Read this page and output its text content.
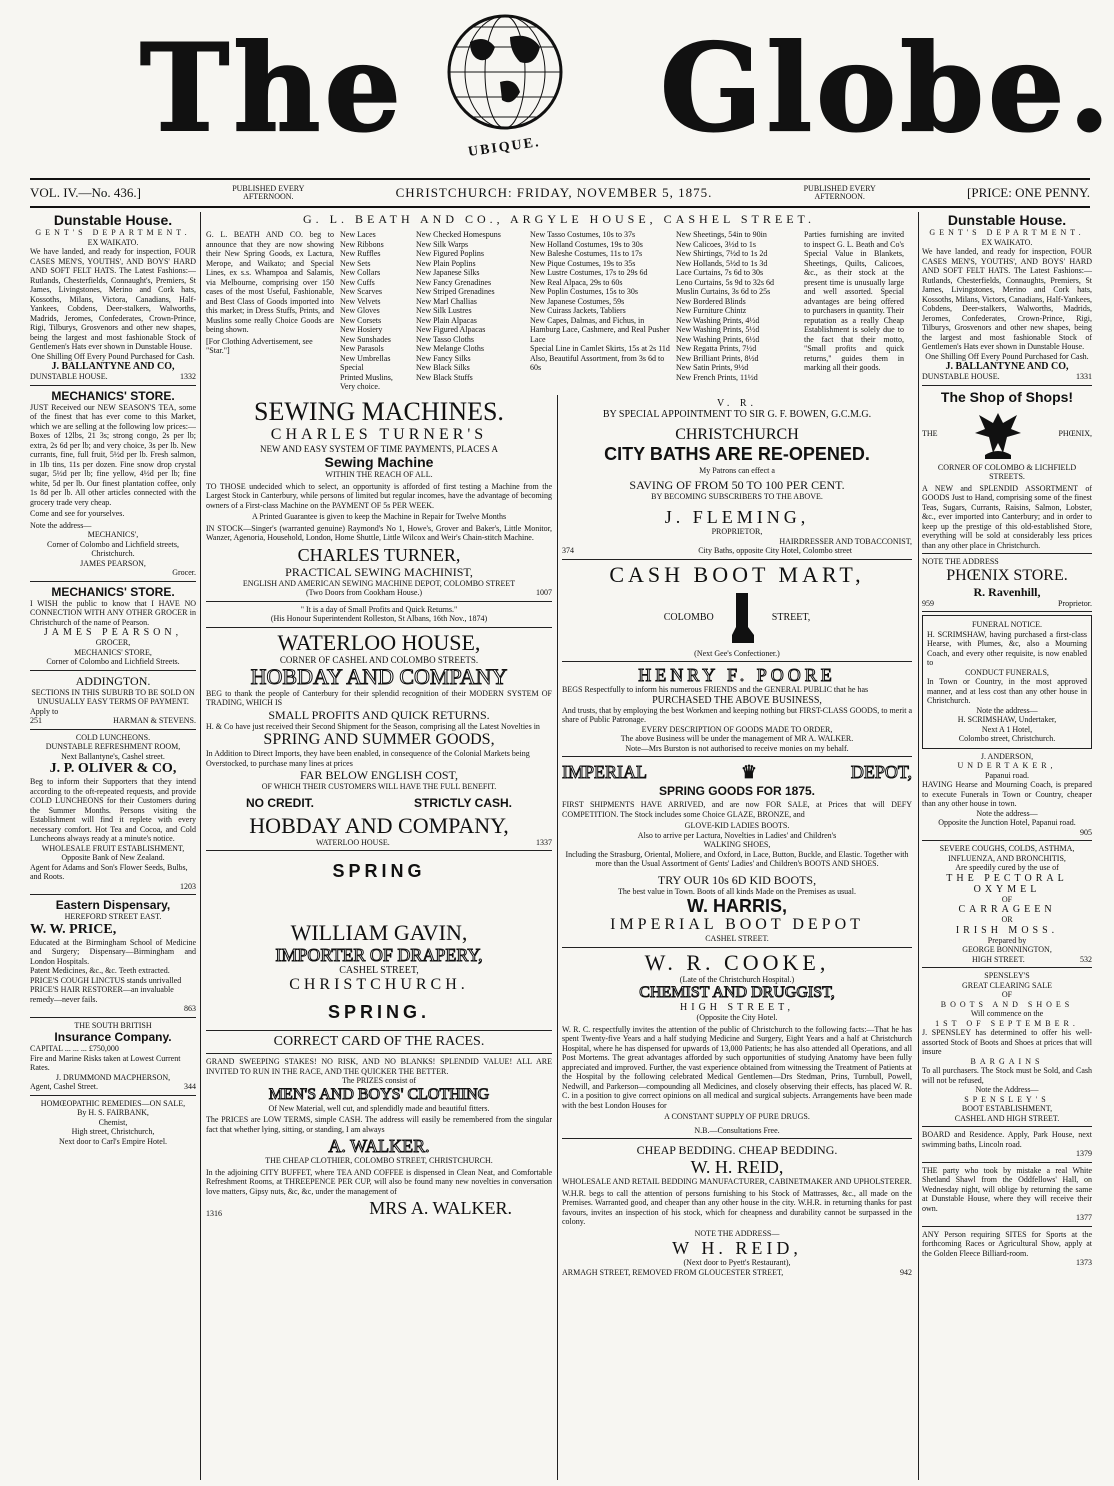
The	UBIQUE. Globe.
VOL. IV.—No. 436.]	PUBLISHED EVERY AFTERNOON.	CHRISTCHURCH: FRIDAY, NOVEMBER 5, 1875.	PUBLISHED EVERY AFTERNOON.	[PRICE: ONE PENNY.
Dunstable House.
GENT'S DEPARTMENT.
EX WAIKATO.
We have landed, and ready for inspection, FOUR CASES MEN'S, YOUTHS', AND BOYS' HARD AND SOFT FELT HATS. The Latest Fashions:— Rutlands, Chesterfields, Connaught's, Premiers, St James, Livingstones, Merino and Cork hats, Kossoths, Milans, Victora, Canadians, Half-Yankees, Cobdens, Deer-stalkers, Walworths, Madrids, Jeromes, Confederates, Crown-Prince, Rigi, Tilburys, Grosvenors and other new shapes, being the largest and most fashionable Stock of Gentlemen's Hats ever shown in Dunstable House.
One Shilling Off Every Pound Purchased for Cash.
J. BALLANTYNE AND CO,
DUNSTABLE HOUSE.	1332
MECHANICS' STORE.
JUST Received our NEW SEASON'S TEA, some of the finest that has ever come to this Market, which we are selling at the following low prices:— Boxes of 12lbs, 21 3s; strong congo, 2s per lb; extra, 2s 6d per lb; and very choice, 3s per lb. New currants, fine, full fruit, 5½d per lb. Fresh salmon, in 1lb tins, 11s per dozen. Fine snow drop crystal sugar, 5½d per lb; fine yellow, 4½d per lb; fine white, 5d per lb. Our finest plantation coffee, only 1s 8d per lb. All other articles connected with the grocery trade very cheap.
Come and see for yourselves.
Note the address—
MECHANICS',
Corner of Colombo and Lichfield streets, Christchurch.
JAMES PEARSON,
Grocer.
MECHANICS' STORE.
I WISH the public to know that I HAVE NO CONNECTION WITH ANY OTHER GROCER in Christchurch of the name of Pearson.
JAMES PEARSON,
GROCER,
MECHANICS' STORE,
Corner of Colombo and Lichfield Streets.
ADDINGTON.
SECTIONS IN THIS SUBURB TO BE SOLD ON UNUSUALLY EASY TERMS OF PAYMENT.
Apply to
251	HARMAN & STEVENS.
COLD LUNCHEONS.
DUNSTABLE REFRESHMENT ROOM,
Next Ballantyne's, Cashel street.
J. P. OLIVER & CO,
Beg to inform their Supporters that they intend according to the oft-repeated requests, and provide COLD LUNCHEONS for their Customers during the Summer Months. Persons visiting the Establishment will find it replete with every necessary comfort. Hot Tea and Cocoa, and Cold Luncheons always ready at a minute's notice.
WHOLESALE FRUIT ESTABLISHMENT,
Opposite Bank of New Zealand.
Agent for Adams and Son's Flower Seeds, Bulbs, and Roots.
1203
Eastern Dispensary,
HEREFORD STREET EAST.
W. W. PRICE,
Educated at the Birmingham School of Medicine and Surgery; Dispensary—Birmingham and London Hospitals.
Patent Medicines, &c., &c. Teeth extracted.
PRICE'S COUGH LINCTUS stands unrivalled
PRICE'S HAIR RESTORER—an invaluable remedy—never fails.
863
THE SOUTH BRITISH
Insurance Company.
CAPITAL ... ... ... £750,000
Fire and Marine Risks taken at Lowest Current Rates.
J. DRUMMOND MACPHERSON,
Agent, Cashel Street.	344
HOMŒOPATHIC REMEDIES—ON SALE,
By H. S. FAIRBANK,
Chemist,
High street, Christchurch,
Next door to Carl's Empire Hotel.
G. L. BEATH AND CO., ARGYLE HOUSE, CASHEL STREET.
G. L. BEATH AND CO. beg to announce that they are now showing their New Spring Goods, ex Lactura, Merope, and Waikato; and Special Lines, ex s.s. Whampoa and Salamis, via Melbourne, comprising over 150 cases of the most Useful, Fashionable, and Best Class of Goods imported into this market; in Dress Stuffs, Prints, and Muslins some really Choice Goods are being shown.
[For Clothing Advertisement, see "Star."]
New Laces
New Ribbons
New Ruffles
New Sets
New Collars
New Cuffs
New Scarves
New Velvets
New Gloves
New Corsets
New Hosiery
New Sunshades
New Parasols
New Umbrellas
Special
Printed Muslins,
Very choice.
New Checked Homespuns
New Silk Warps
New Figured Poplins
New Plain Poplins
New Japanese Silks
New Fancy Grenadines
New Striped Grenadines
New Marl Challias
New Silk Lustres
New Plain Alpacas
New Figured Alpacas
New Tasso Cloths
New Melange Cloths
New Fancy Silks
New Black Silks
New Black Stuffs
New Tasso Costumes, 10s to 37s
New Holland Costumes, 19s to 30s
New Baleshe Costumes, 11s to 17s
New Pique Costumes, 19s to 35s
New Lustre Costumes, 17s to 29s 6d
New Real Alpaca, 29s to 60s
New Poplin Costumes, 15s to 30s
New Japanese Costumes, 59s
New Cuirass Jackets, Tabliers
New Capes, Dalmas, and Fichus, in Hamburg Lace, Cashmere, and Real Pusher Lace
Special Line in Camlet Skirts, 15s at 2s 11d
Also, Beautiful Assortment, from 3s 6d to 60s
New Sheetings, 54in to 90in
New Calicoes, 3½d to 1s
New Shirtings, 7½d to 1s 2d
New Hollands, 5½d to 1s 3d
Lace Curtains, 7s 6d to 30s
Leno Curtains, 5s 9d to 32s 6d
Muslin Curtains, 3s 6d to 25s
New Bordered Blinds
New Furniture Chintz
New Washing Prints, 4½d
New Washing Prints, 5½d
New Washing Prints, 6½d
New Regatta Prints, 7½d
New Brilliant Prints, 8½d
New Satin Prints, 9½d
New French Prints, 11½d
Parties furnishing are invited to inspect G. L. Beath and Co's Special Value in Blankets, Sheetings, Quilts, Calicoes, &c., as their stock at the present time is unusually large and well assorted. Special advantages are being offered to purchasers in quantity. Their reputation as a really Cheap Establishment is solely due to the fact that their motto, "Small profits and quick returns," guides them in marking all their goods.
SEWING MACHINES.
CHARLES TURNER'S
NEW AND EASY SYSTEM OF TIME PAYMENTS, PLACES A
Sewing Machine
WITHIN THE REACH OF ALL.
TO THOSE undecided which to select, an opportunity is afforded of first testing a Machine from the Largest Stock in Canterbury, while persons of limited but regular incomes, have the advantage of becoming owners of a First-class Machine on the PAYMENT OF 5s PER WEEK.
A Printed Guarantee is given to keep the Machine in Repair for Twelve Months
IN STOCK—Singer's (warranted genuine) Raymond's No 1, Howe's, Grover and Baker's, Little Monitor, Wanzer, Agenoria, Household, London, Home Shuttle, Little Wilcox and Weir's Chain-stitch Machine.
CHARLES TURNER,
PRACTICAL SEWING MACHINIST,
ENGLISH AND AMERICAN SEWING MACHINE DEPOT, COLOMBO STREET
(Two Doors from Cookham House.)	1007
" It is a day of Small Profits and Quick Returns."
(His Honour Superintendent Rolleston, St Albans, 16th Nov., 1874)
WATERLOO HOUSE,
CORNER OF CASHEL AND COLOMBO STREETS.
HOBDAY AND COMPANY
BEG to thank the people of Canterbury for their splendid recognition of their MODERN SYSTEM OF TRADING, WHICH IS
SMALL PROFITS AND QUICK RETURNS.
H. & Co have just received their Second Shipment for the Season, comprising all the Latest Novelties in
SPRING AND SUMMER GOODS,
In Addition to Direct Imports, they have been enabled, in consequence of the Colonial Markets being Overstocked, to purchase many lines at prices
FAR BELOW ENGLISH COST,
OF WHICH THEIR CUSTOMERS WILL HAVE THE FULL BENEFIT.
NO CREDIT.	STRICTLY CASH.
HOBDAY AND COMPANY,
WATERLOO HOUSE.	1337
SPRING
WILLIAM GAVIN,
IMPORTER OF DRAPERY,
CASHEL STREET,
CHRISTCHURCH.
SPRING.
CORRECT CARD OF THE RACES.
GRAND SWEEPING STAKES! NO RISK, AND NO BLANKS! SPLENDID VALUE! ALL ARE INVITED TO RUN IN THE RACE, AND THE QUICKER THE BETTER.
The PRIZES consist of
MEN'S AND BOYS' CLOTHING
Of New Material, well cut, and splendidly made and beautiful fitters.
The PRICES are LOW TERMS, simple CASH. The address will easily be remembered from the singular fact that whether lying, sitting, or standing, I am always
A. WALKER.
THE CHEAP CLOTHIER, COLOMBO STREET, CHRISTCHURCH.
In the adjoining CITY BUFFET, where TEA AND COFFEE is dispensed in Clean Neat, and Comfortable Refreshment Rooms, at THREEPENCE PER CUP, will also be found many new novelties in conversation love matters, Gipsy nuts, &c, &c, under the management of
1316	MRS A. WALKER.
V. R.
BY SPECIAL APPOINTMENT TO SIR G. F. BOWEN, G.C.M.G.
CHRISTCHURCH
CITY BATHS ARE RE-OPENED.
My Patrons can effect a
SAVING OF FROM 50 TO 100 PER CENT.
BY BECOMING SUBSCRIBERS TO THE ABOVE.
J. FLEMING,
PROPRIETOR,
HAIRDRESSER AND TOBACCONIST,
374	City Baths, opposite City Hotel, Colombo street
CASH BOOT MART,
COLOMBO	STREET,
(Next Gee's Confectioner.)
HENRY F. POORE
BEGS Respectfully to inform his numerous FRIENDS and the GENERAL PUBLIC that he has
PURCHASED THE ABOVE BUSINESS,
And trusts, that by employing the best Workmen and keeping nothing but FIRST-CLASS GOODS, to merit a share of Public Patronage.
EVERY DESCRIPTION OF GOODS MADE TO ORDER,
The above Business will be under the management of MR A. WALKER.
Note—Mrs Burston is not authorised to receive monies on my behalf.
IMPERIAL	♛	DEPOT,
SPRING GOODS FOR 1875.
FIRST SHIPMENTS HAVE ARRIVED, and are now FOR SALE, at Prices that will DEFY COMPETITION. The Stock includes some Choice GLAZE, BRONZE, and
GLOVE-KID LADIES BOOTS.
Also to arrive per Lactura, Novelties in Ladies' and Children's
WALKING SHOES,
Including the Strasburg, Oriental, Moliere, and Oxford, in Lace, Button, Buckle, and Elastic. Together with more than the Usual Assortment of Gents' Ladies' and Children's BOOTS AND SHOES.
TRY OUR 10s 6D KID BOOTS,
The best value in Town. Boots of all kinds Made on the Premises as usual.
W. HARRIS,
IMPERIAL BOOT DEPOT
CASHEL STREET.
W. R. COOKE,
(Late of the Christchurch Hospital.)
CHEMIST AND DRUGGIST,
HIGH STREET,
(Opposite the City Hotel.
W. R. C. respectfully invites the attention of the public of Christchurch to the following facts:—That he has spent Twenty-five Years and a half studying Medicine and Surgery, Eight Years and a half at Christchurch Hospital, where he has dispensed for upwards of 13,000 Patients; he has also attended all Operations, and all Post Mortems. The great advantages afforded by such opportunities of studying Anatomy have been fully appreciated and improved. Further, the vast experience obtained from witnessing the Treatment of Patients at the Hospital by the following celebrated Medical Gentlemen—Drs Stedman, Prins, Turnbull, Powell, Nedwill, and Parkerson—compounding all Medicines, and closely observing their effects, has placed W. R. C. in a position to give correct opinions on all medical and surgical subjects. Arrangements have been made with the best London Houses for
A CONSTANT SUPPLY OF PURE DRUGS.
N.B.—Consultations Free.
CHEAP BEDDING. CHEAP BEDDING.
W. H. REID,
WHOLESALE AND RETAIL BEDDING MANUFACTURER, CABINETMAKER AND UPHOLSTERER.
W.H.R. begs to call the attention of persons furnishing to his Stock of Mattrasses, &c., all made on the Premises. Warranted good, and cheaper than any other house in the city. W.H.R. in returning thanks for past favours, invites an inspection of his stock, which for cheapness and durability cannot be surpassed in the colony.
NOTE THE ADDRESS—
W H. REID,
(Next door to Pyett's Restaurant),
ARMAGH STREET, REMOVED FROM GLOUCESTER STREET,	942
Dunstable House.
GENT'S DEPARTMENT.
EX WAIKATO.
We have landed, and ready for inspection, FOUR CASES MEN'S, YOUTHS', AND BOYS' HARD AND SOFT FELT HATS. The Latest Fashions:— Rutlands, Chesterfields, Connaughts, Premiers, St James, Livingstones, Merino and Cork hats, Kossoths, Milans, Victors, Canadians, Half-Yankees, Cobdens, Deer-stalkers, Walworths, Madrids, Jeromes, Confederates, Crown-Prince, Rigi, Tilburys, Grosvenors and other new shapes, being the largest and most fashionable Stock of Gentlemen's Hats ever shown in Dunstable House.
One Shilling Off Every Pound Purchased for Cash.
J. BALLANTYNE AND CO,
DUNSTABLE HOUSE.	1331
The Shop of Shops!
THE	PHŒNIX,
CORNER OF COLOMBO & LICHFIELD STREETS.
A NEW and SPLENDID ASSORTMENT of GOODS Just to Hand, comprising some of the finest Teas, Sugars, Currants, Raisins, Salmon, Lobster, &c., ever imported into Canterbury; and in order to keep up the prestige of this old-established Store, everything will be sold at considerably less prices than any other place in Christchurch.
NOTE THE ADDRESS
PHŒNIX STORE.
R. Ravenhill,
959	Proprietor.
FUNERAL NOTICE.
H. SCRIMSHAW, having purchased a first-class Hearse, with Plumes, &c, also a Mourning Coach, and every other requisite, is now enabled to
CONDUCT FUNERALS,
In Town or Country, in the most approved manner, and at less cost than any other house in Christchurch.
Note the address—
H. SCRIMSHAW, Undertaker,
Next A 1 Hotel,
Colombo street, Christchurch.
J. ANDERSON,
UNDERTAKER,
Papanui road.
HAVING Hearse and Mourning Coach, is prepared to execute Funerals in Town or Country, cheaper than any other house in town.
Note the address—
Opposite the Junction Hotel, Papanui road.
905
SEVERE COUGHS, COLDS, ASTHMA, INFLUENZA, AND BRONCHITIS,
Are speedily cured by the use of
THE PECTORAL OXYMEL
OF
CARRAGEEN
OR
IRISH MOSS.
Prepared by
GEORGE BONNINGTON,
HIGH STREET.	532
SPENSLEY'S
GREAT CLEARING SALE
OF
BOOTS AND SHOES
Will commence on the
1ST OF SEPTEMBER.
J. SPENSLEY has determined to offer his well-assorted Stock of Boots and Shoes at prices that will insure
BARGAINS
To all purchasers. The Stock must be Sold, and Cash will not be refused,
Note the Address—
SPENSLEY'S
BOOT ESTABLISHMENT,
CASHEL AND HIGH STREET.
BOARD and Residence. Apply, Park House, next swimming baths, Lincoln road.
1379
THE party who took by mistake a real White Shetland Shawl from the Oddfellows' Hall, on Wednesday night, will oblige by returning the same at Dunstable House, where they will receive their own.
1377
ANY Person requiring SITES for Sports at the forthcoming Races or Agricultural Show, apply at the Golden Fleece Billiard-room.
1373
